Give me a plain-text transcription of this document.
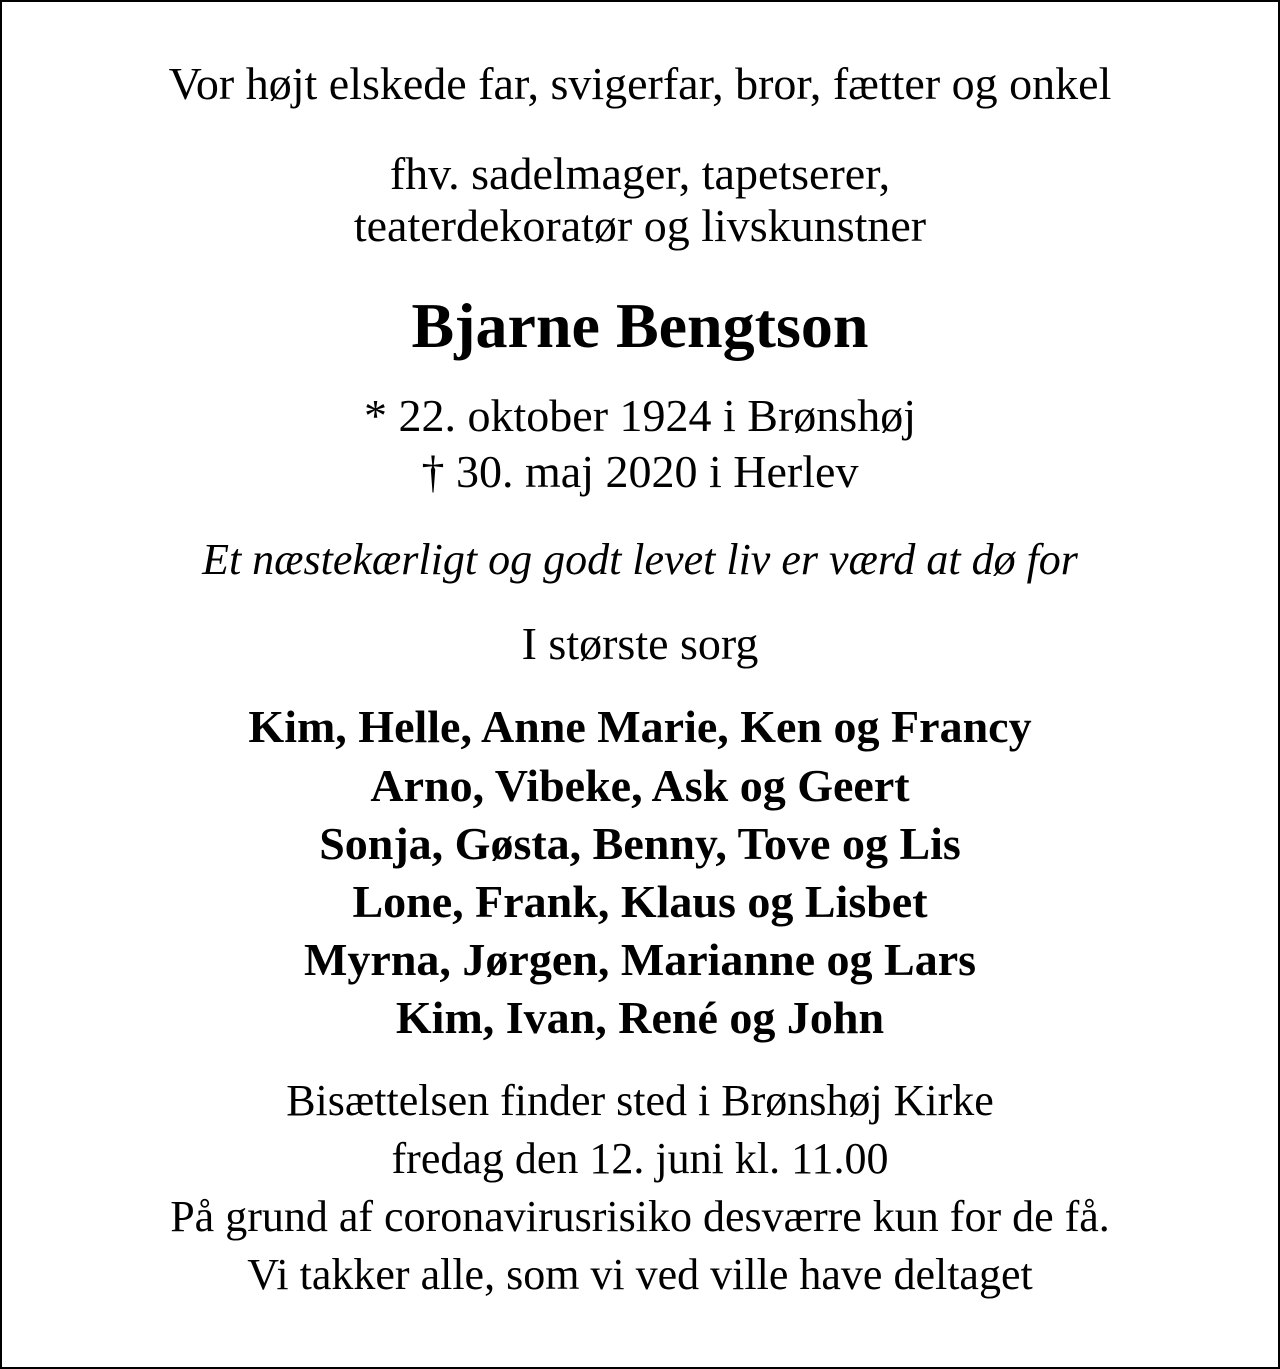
Vor højt elskede far, svigerfar, bror, fætter og onkel

fhv. sadelmager, tapetserer,

teaterdekoratør og livskunstner

Bjarne Bengtson

* 22. oktober 1924 i Brønshøj

† 30. maj 2020 i Herlev

Et næstekærligt og godt levet liv er værd at dø for

I største sorg

Kim, Helle, Anne Marie, Ken og Francy

Arno, Vibeke, Ask og Geert

Sonja, Gøsta, Benny, Tove og Lis

Lone, Frank, Klaus og Lisbet

Myrna, Jørgen, Marianne og Lars

Kim, Ivan, René og John

Bisættelsen finder sted i Brønshøj Kirke

fredag den 12. juni kl. 11.00

På grund af coronavirusrisiko desværre kun for de få.

Vi takker alle, som vi ved ville have deltaget
